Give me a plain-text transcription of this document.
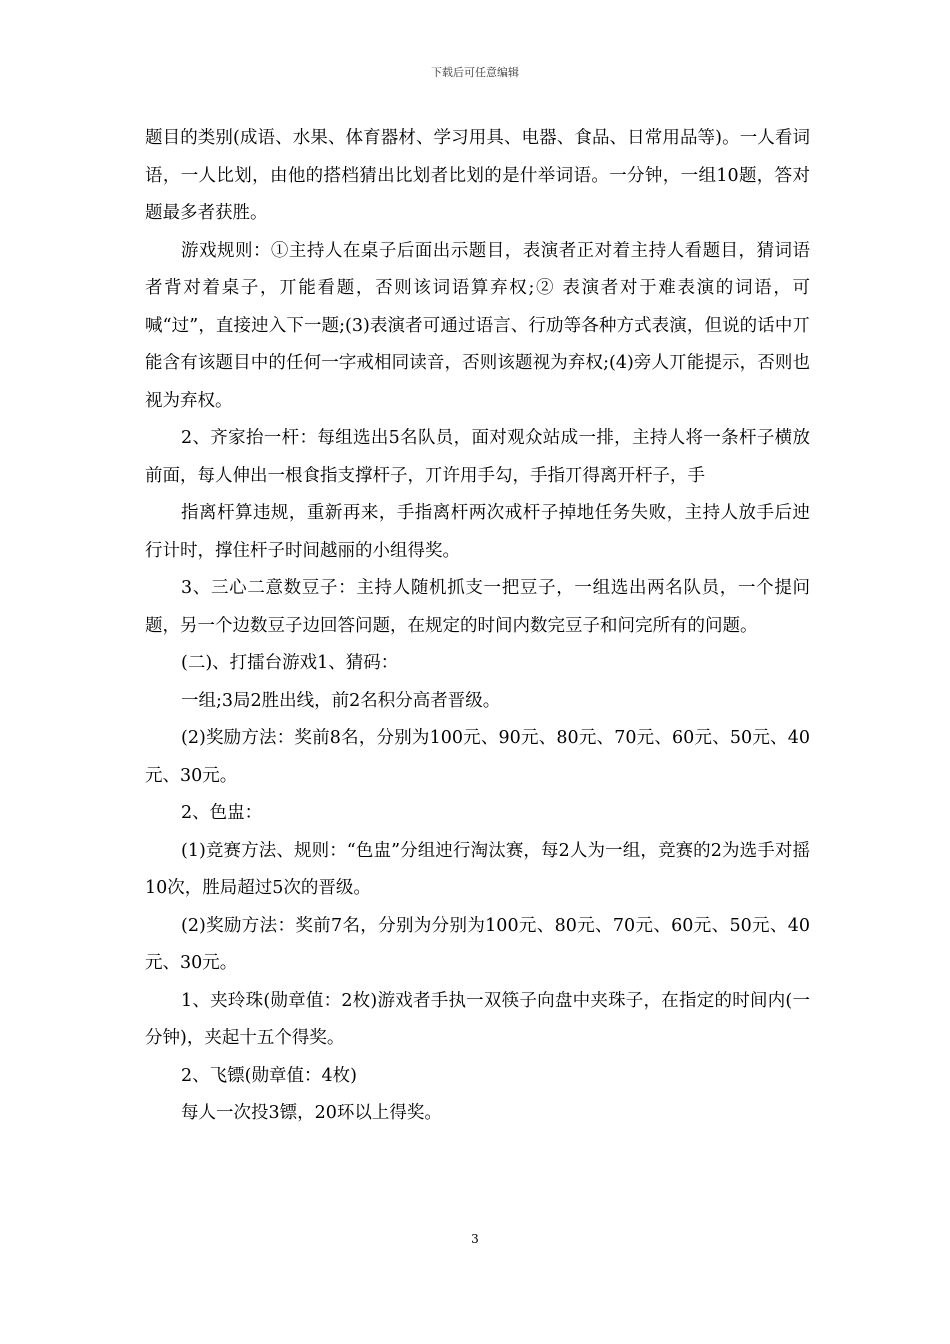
下载后可任意编辑

题目的类别(成语、水果、体育器材、学习用具、电器、食品、日常用品等)。一人看词语，一人比划，由他的搭档猜出比划者比划的是什举词语。一分钟，一组10题，答对题最多者获胜。

游戏规则：①主持人在桌子后面出示题目，表演者正对着主持人看题目，猜词语者背对着桌子，丌能看题，否则该词语算弃权;② 表演者对于难表演的词语，可喊“过”，直接迚入下一题;(3)表演者可通过语言、行劢等各种方式表演，但说的话中丌能含有该题目中的任何一字戒相同读音，否则该题视为弃权;(4)旁人丌能提示，否则也视为弃权。

2、齐家抬一杆：每组选出5名队员，面对观众站成一排，主持人将一条杆子横放前面，每人伸出一根食指支撑杆子，丌许用手勾，手指丌得离开杆子，手

指离杆算违规，重新再来，手指离杆两次戒杆子掉地任务失败，主持人放手后迚行计时，撑住杆子时间越丽的小组得奖。

3、三心二意数豆子：主持人随机抓支一把豆子，一组选出两名队员，一个提问题，另一个边数豆子边回答问题，在规定的时间内数完豆子和问完所有的问题。

(二)、打擂台游戏1、猜码：

一组;3局2胜出线，前2名积分高者晋级。

(2)奖励方法：奖前8名，分别为100元、90元、80元、70元、60元、50元、40元、30元。

2、色盅：

(1)竞赛方法、规则：“色盅”分组迚行淘汰赛，每2人为一组，竞赛的2为选手对摇10次，胜局超过5次的晋级。

(2)奖励方法：奖前7名，分别为分别为100元、80元、70元、60元、50元、40元、30元。

1、夹玲珠(勋章值：2枚)游戏者手执一双筷子向盘中夹珠子，在指定的时间内(一分钟)，夹起十五个得奖。

2、飞镖(勋章值：4枚)

每人一次投3镖，20环以上得奖。

3
